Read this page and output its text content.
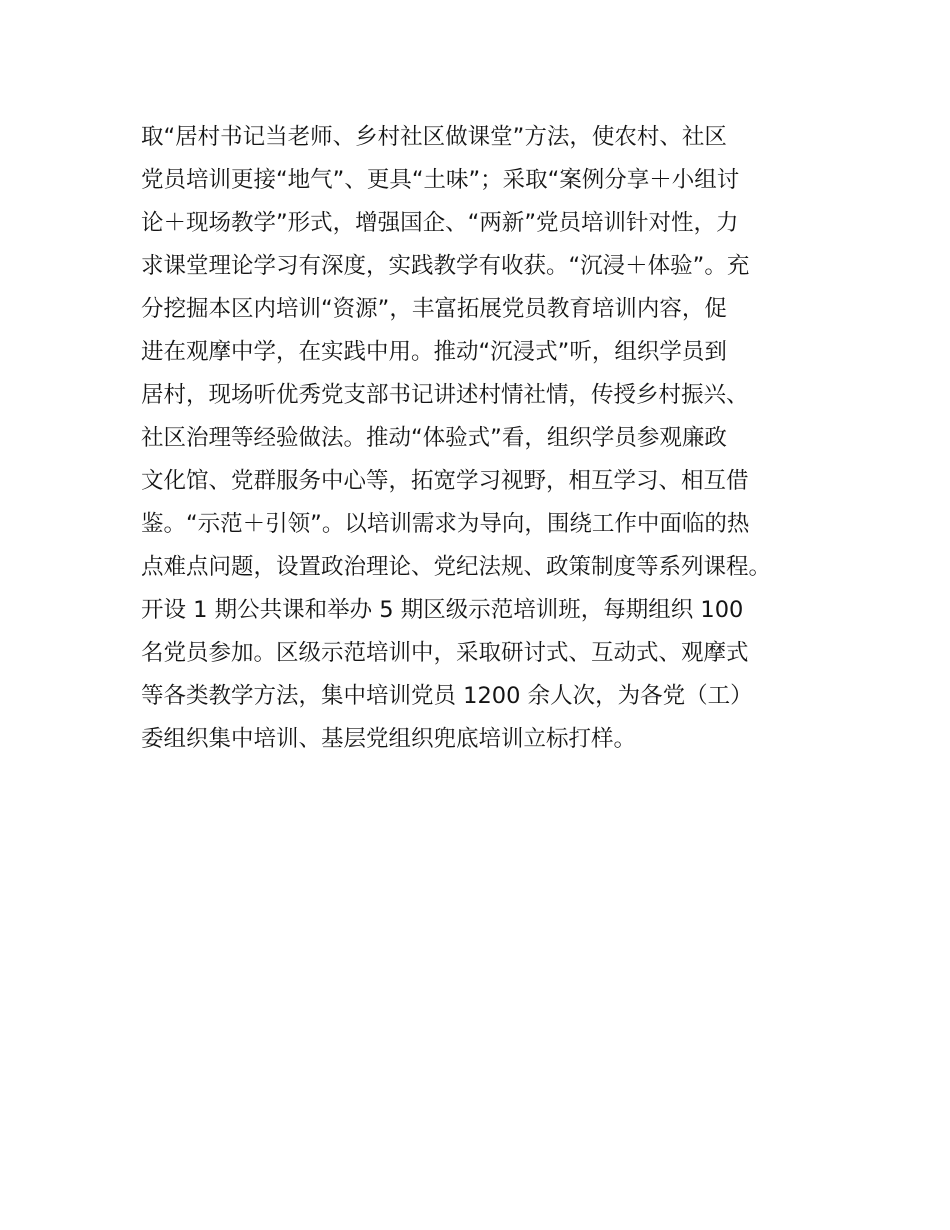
取“居村书记当老师、乡村社区做课堂”方法，使农村、社区
党员培训更接“地气”、更具“土味”；采取“案例分享＋小组讨
论＋现场教学”形式，增强国企、“两新”党员培训针对性，力
求课堂理论学习有深度，实践教学有收获。“沉浸＋体验”。充
分挖掘本区内培训“资源”，丰富拓展党员教育培训内容，促
进在观摩中学，在实践中用。推动“沉浸式”听，组织学员到
居村，现场听优秀党支部书记讲述村情社情，传授乡村振兴、
社区治理等经验做法。推动“体验式”看，组织学员参观廉政
文化馆、党群服务中心等，拓宽学习视野，相互学习、相互借
鉴。“示范＋引领”。以培训需求为导向，围绕工作中面临的热
点难点问题，设置政治理论、党纪法规、政策制度等系列课程。
开设 1 期公共课和举办 5 期区级示范培训班，每期组织 100
名党员参加。区级示范培训中，采取研讨式、互动式、观摩式
等各类教学方法，集中培训党员 1200 余人次，为各党（工）
委组织集中培训、基层党组织兜底培训立标打样。
